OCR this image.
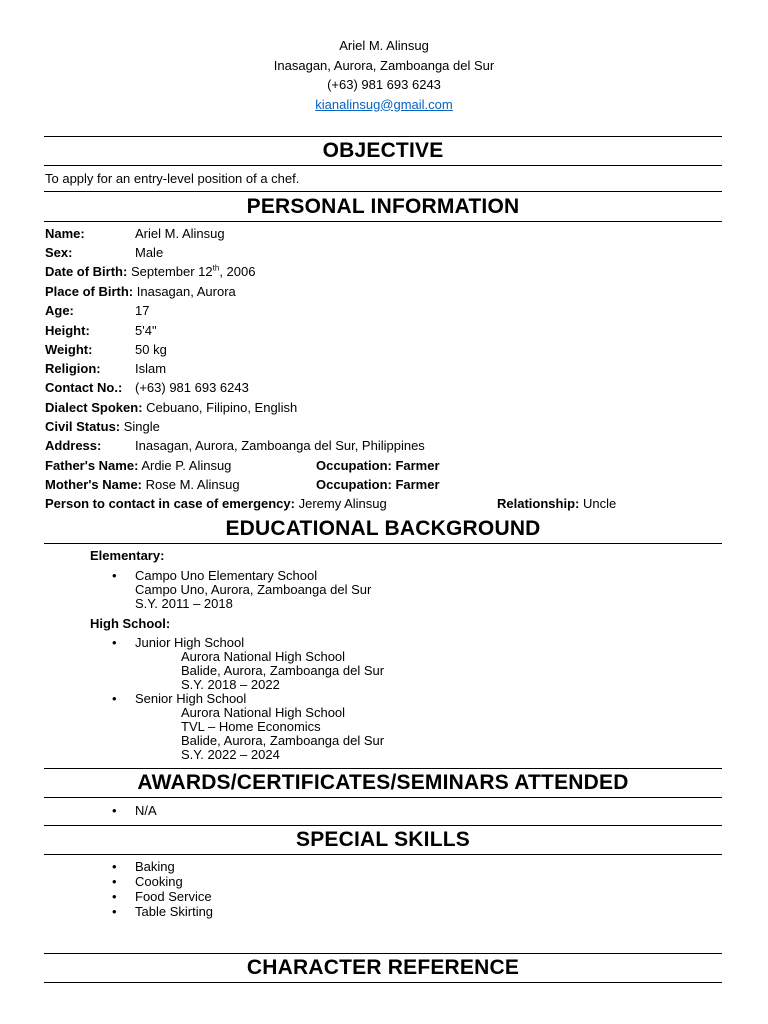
Ariel M. Alinsug
Inasagan, Aurora, Zamboanga del Sur
(+63) 981 693 6243
kianalinsug@gmail.com
OBJECTIVE
To apply for an entry-level position of a chef.
PERSONAL INFORMATION
Name:	Ariel M. Alinsug
Sex:	Male
Date of Birth: September 12th, 2006
Place of Birth: Inasagan, Aurora
Age:	17
Height:	5'4"
Weight:	50 kg
Religion:	Islam
Contact No.: (+63) 981 693 6243
Dialect Spoken: Cebuano, Filipino, English
Civil Status: Single
Address:	Inasagan, Aurora, Zamboanga del Sur, Philippines
Father's Name: Ardie P. Alinsug	Occupation: Farmer
Mother's Name: Rose M. Alinsug	Occupation: Farmer
Person to contact in case of emergency: Jeremy Alinsug	Relationship: Uncle
EDUCATIONAL BACKGROUND
Elementary:
• Campo Uno Elementary School
Campo Uno, Aurora, Zamboanga del Sur
S.Y. 2011 – 2018
High School:
• Junior High School
Aurora National High School
Balide, Aurora, Zamboanga del Sur
S.Y. 2018 – 2022
• Senior High School
Aurora National High School
TVL – Home Economics
Balide, Aurora, Zamboanga del Sur
S.Y. 2022 – 2024
AWARDS/CERTIFICATES/SEMINARS ATTENDED
• N/A
SPECIAL SKILLS
• Baking
• Cooking
• Food Service
• Table Skirting
CHARACTER REFERENCE
